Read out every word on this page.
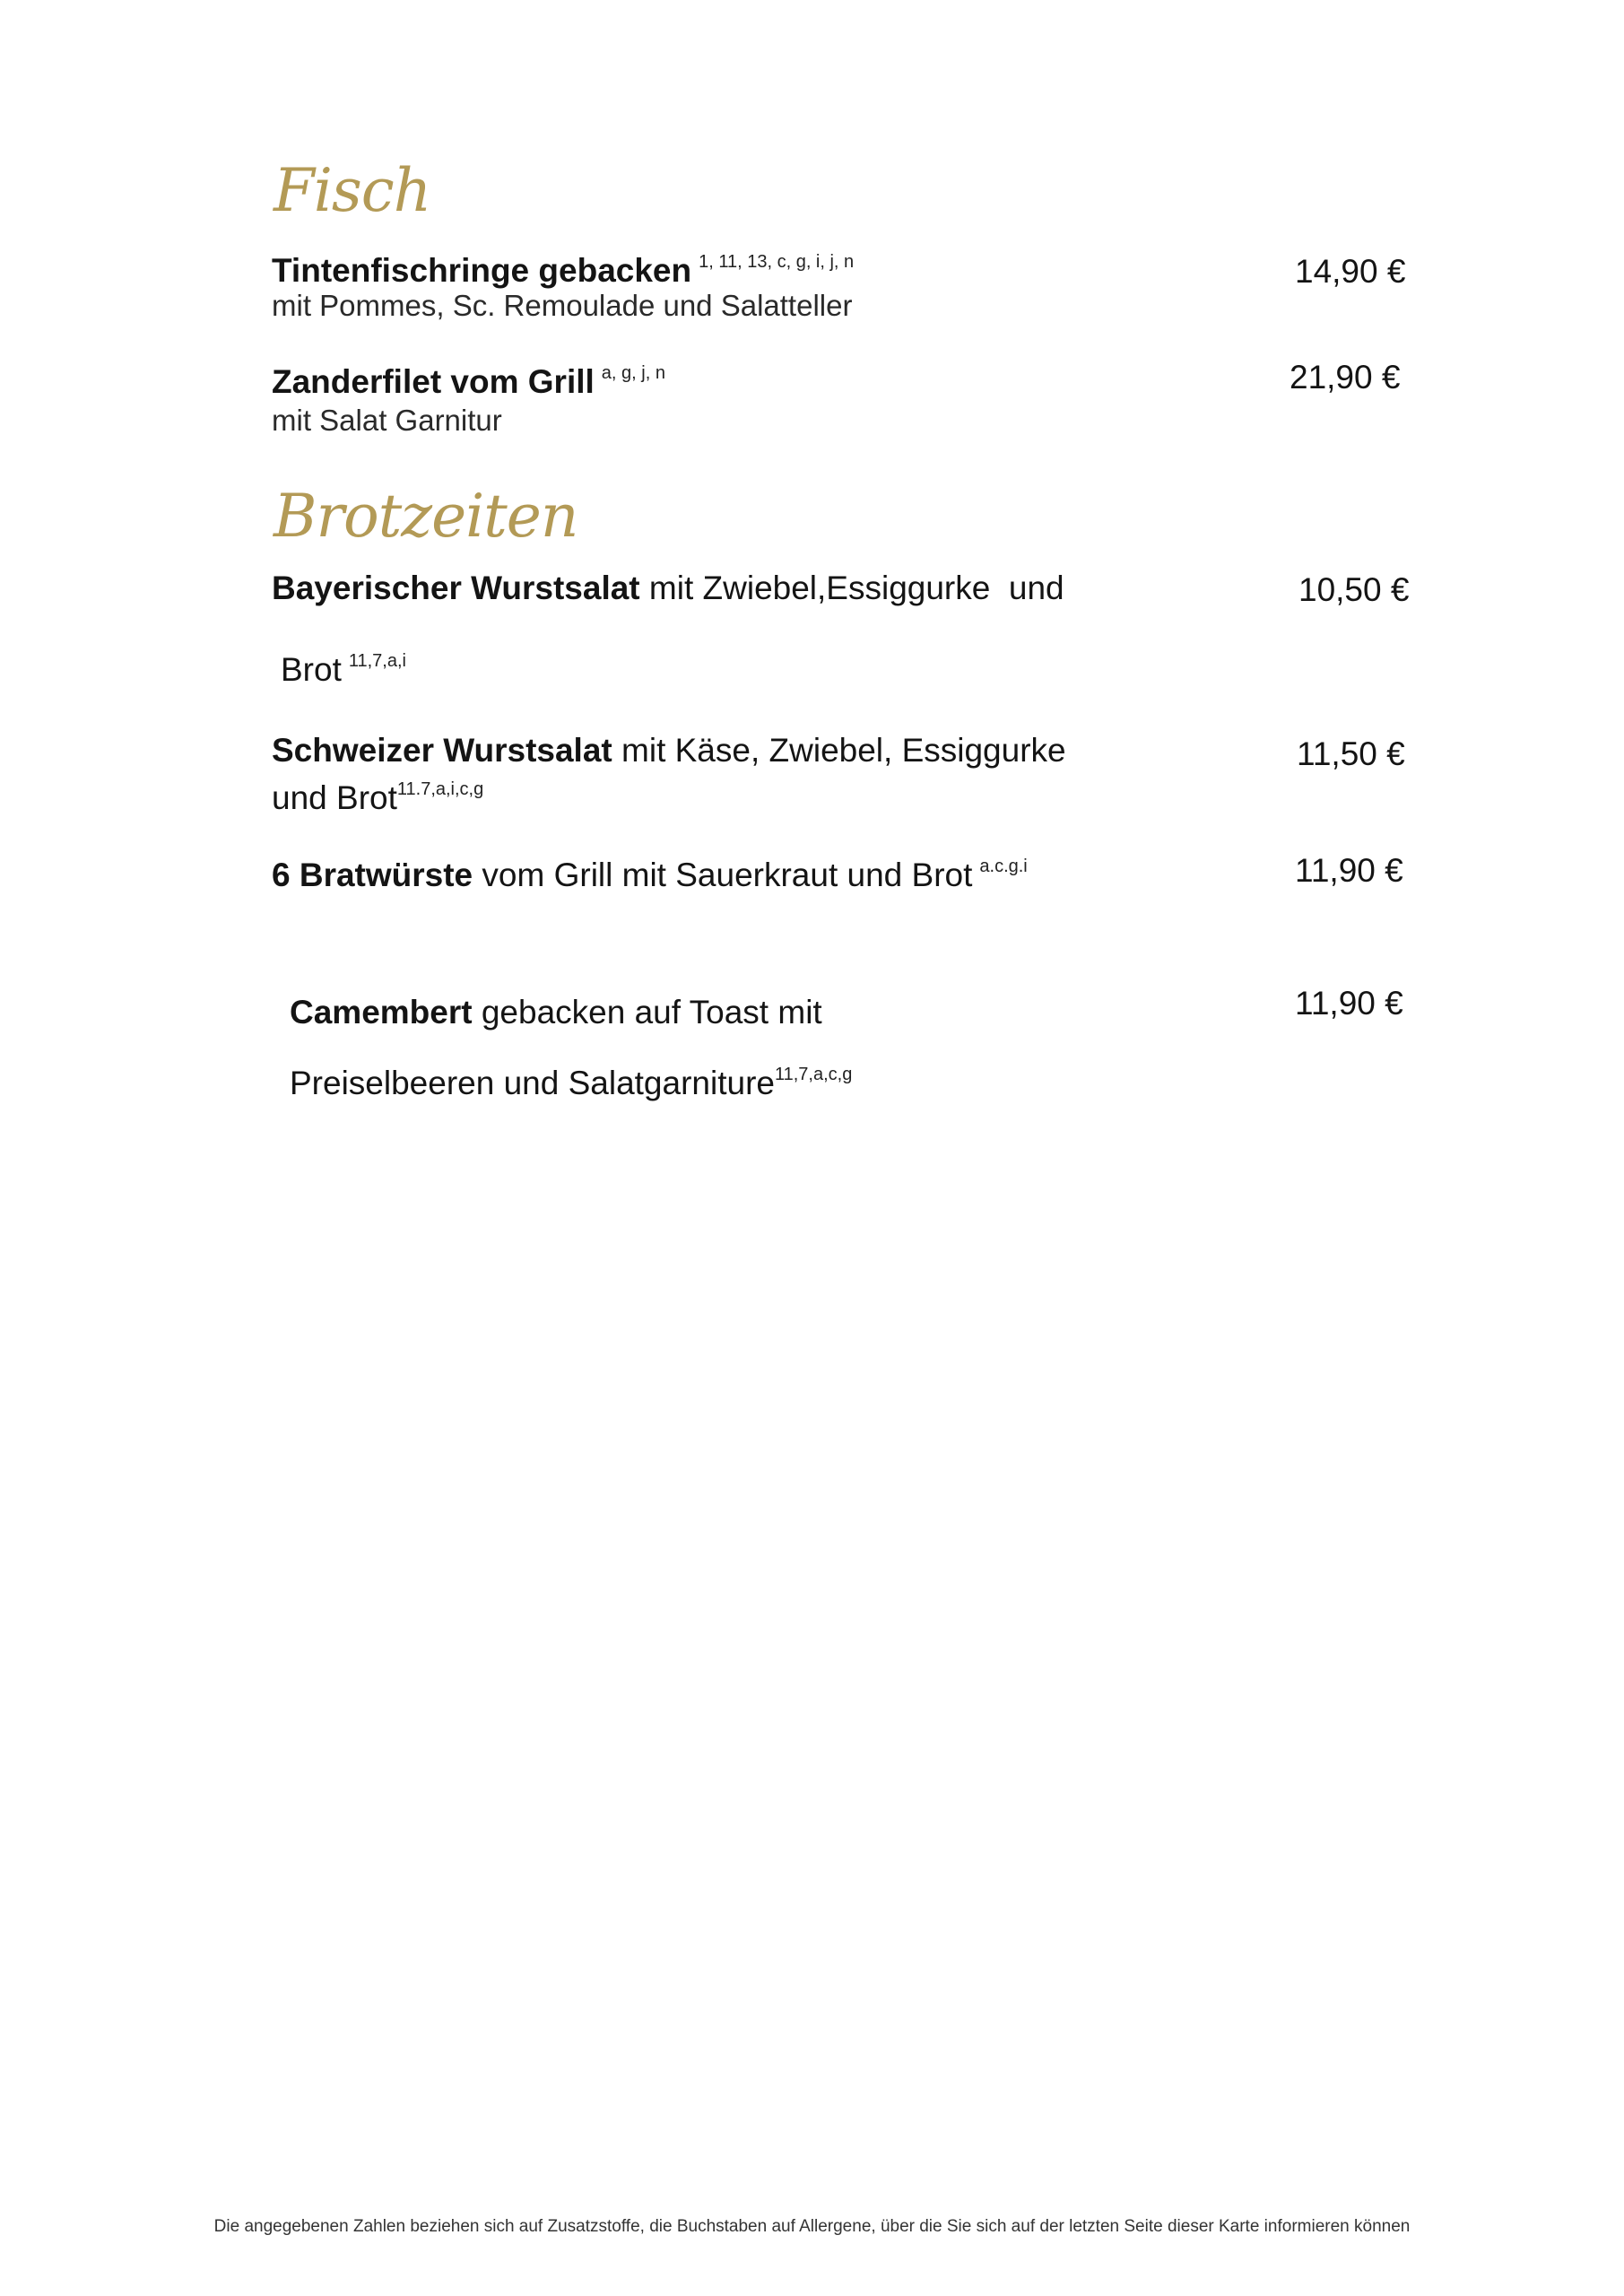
Fisch
Tintenfischringe gebacken $^{1, 11, 13, c, g, i, j, n}$
mit Pommes, Sc. Remoulade und Salatteller
14,90 €
Zanderfilet vom Grill $^{a, g, j, n}$
mit Salat Garnitur
21,90 €
Brotzeiten
Bayerischer Wurstsalat mit Zwiebel,Essiggurke  und
Brot $^{11,7,a,i}$
10,50 €
Schweizer Wurstsalat mit Käse, Zwiebel, Essiggurke
und Brot$^{11.7,a,i,c,g}$
11,50 €
6 Bratwürste vom Grill mit Sauerkraut und Brot $^{a.c.g.i}$	11,90 €
Camembert gebacken auf Toast mit
Preiselbeeren und Salatgarniture$^{11,7,a,c,g}$
11,90 €
Die angegebenen Zahlen beziehen sich auf Zusatzstoffe, die Buchstaben auf Allergene, über die Sie sich auf der letzten Seite dieser Karte informieren können
